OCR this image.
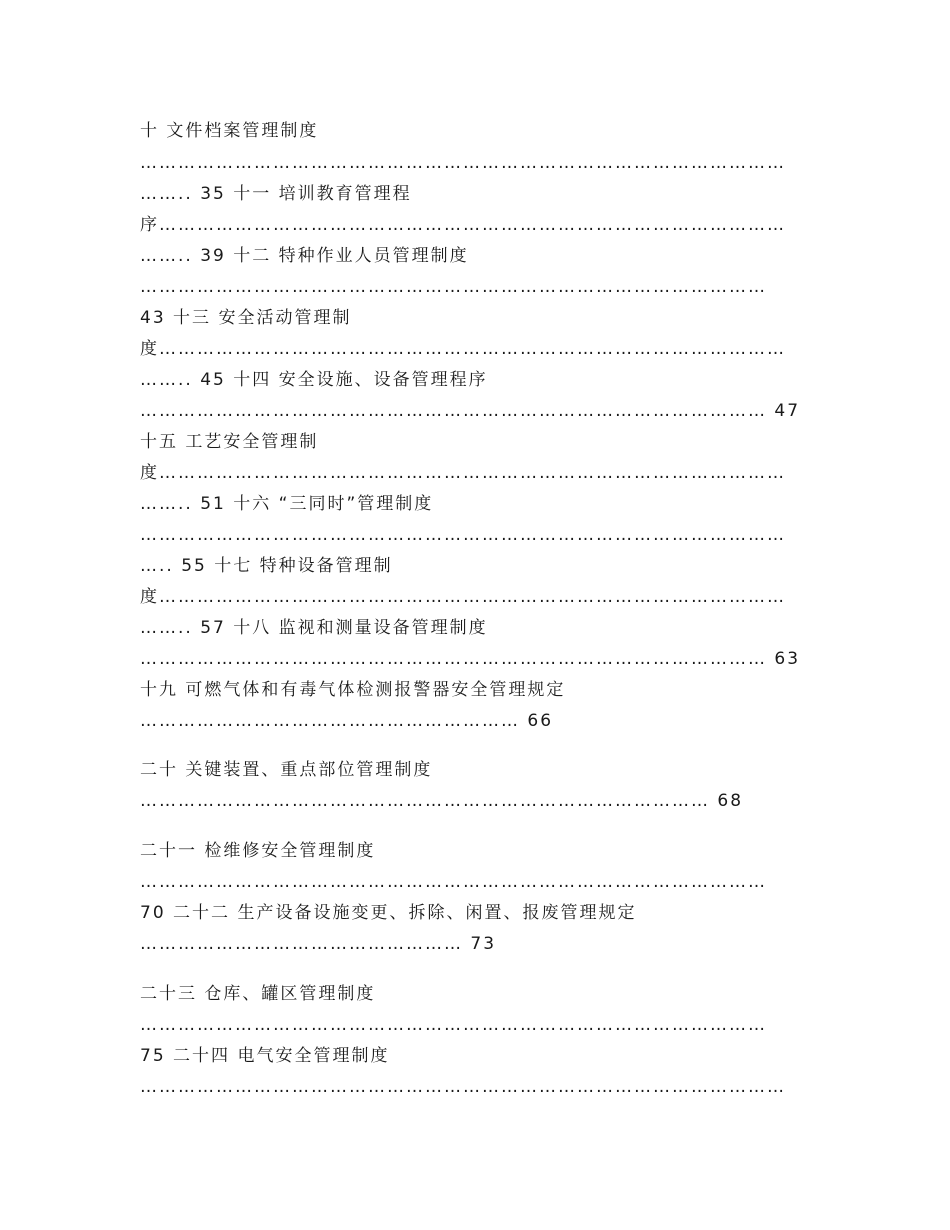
十 文件档案管理制度
…………………………………………………………………………………………
…….. 35 十一 培训教育管理程
序………………………………………………………………………………………
…….. 39 十二 特种作业人员管理制度
………………………………………………………………………………………
43 十三 安全活动管理制
度………………………………………………………………………………………
…….. 45 十四 安全设施、设备管理程序
……………………………………………………………………………………… 47
十五 工艺安全管理制
度………………………………………………………………………………………
…….. 51 十六 “三同时”管理制度
…………………………………………………………………………………………
….. 55 十七 特种设备管理制
度………………………………………………………………………………………
…….. 57 十八 监视和测量设备管理制度
……………………………………………………………………………………… 63
十九 可燃气体和有毒气体检测报警器安全管理规定
…………………………………………………… 66
二十 关键装置、重点部位管理制度
……………………………………………………………………………… 68
二十一 检维修安全管理制度
………………………………………………………………………………………
70 二十二 生产设备设施变更、拆除、闲置、报废管理规定
…………………………………………… 73
二十三 仓库、罐区管理制度
………………………………………………………………………………………
75 二十四 电气安全管理制度
…………………………………………………………………………………………
